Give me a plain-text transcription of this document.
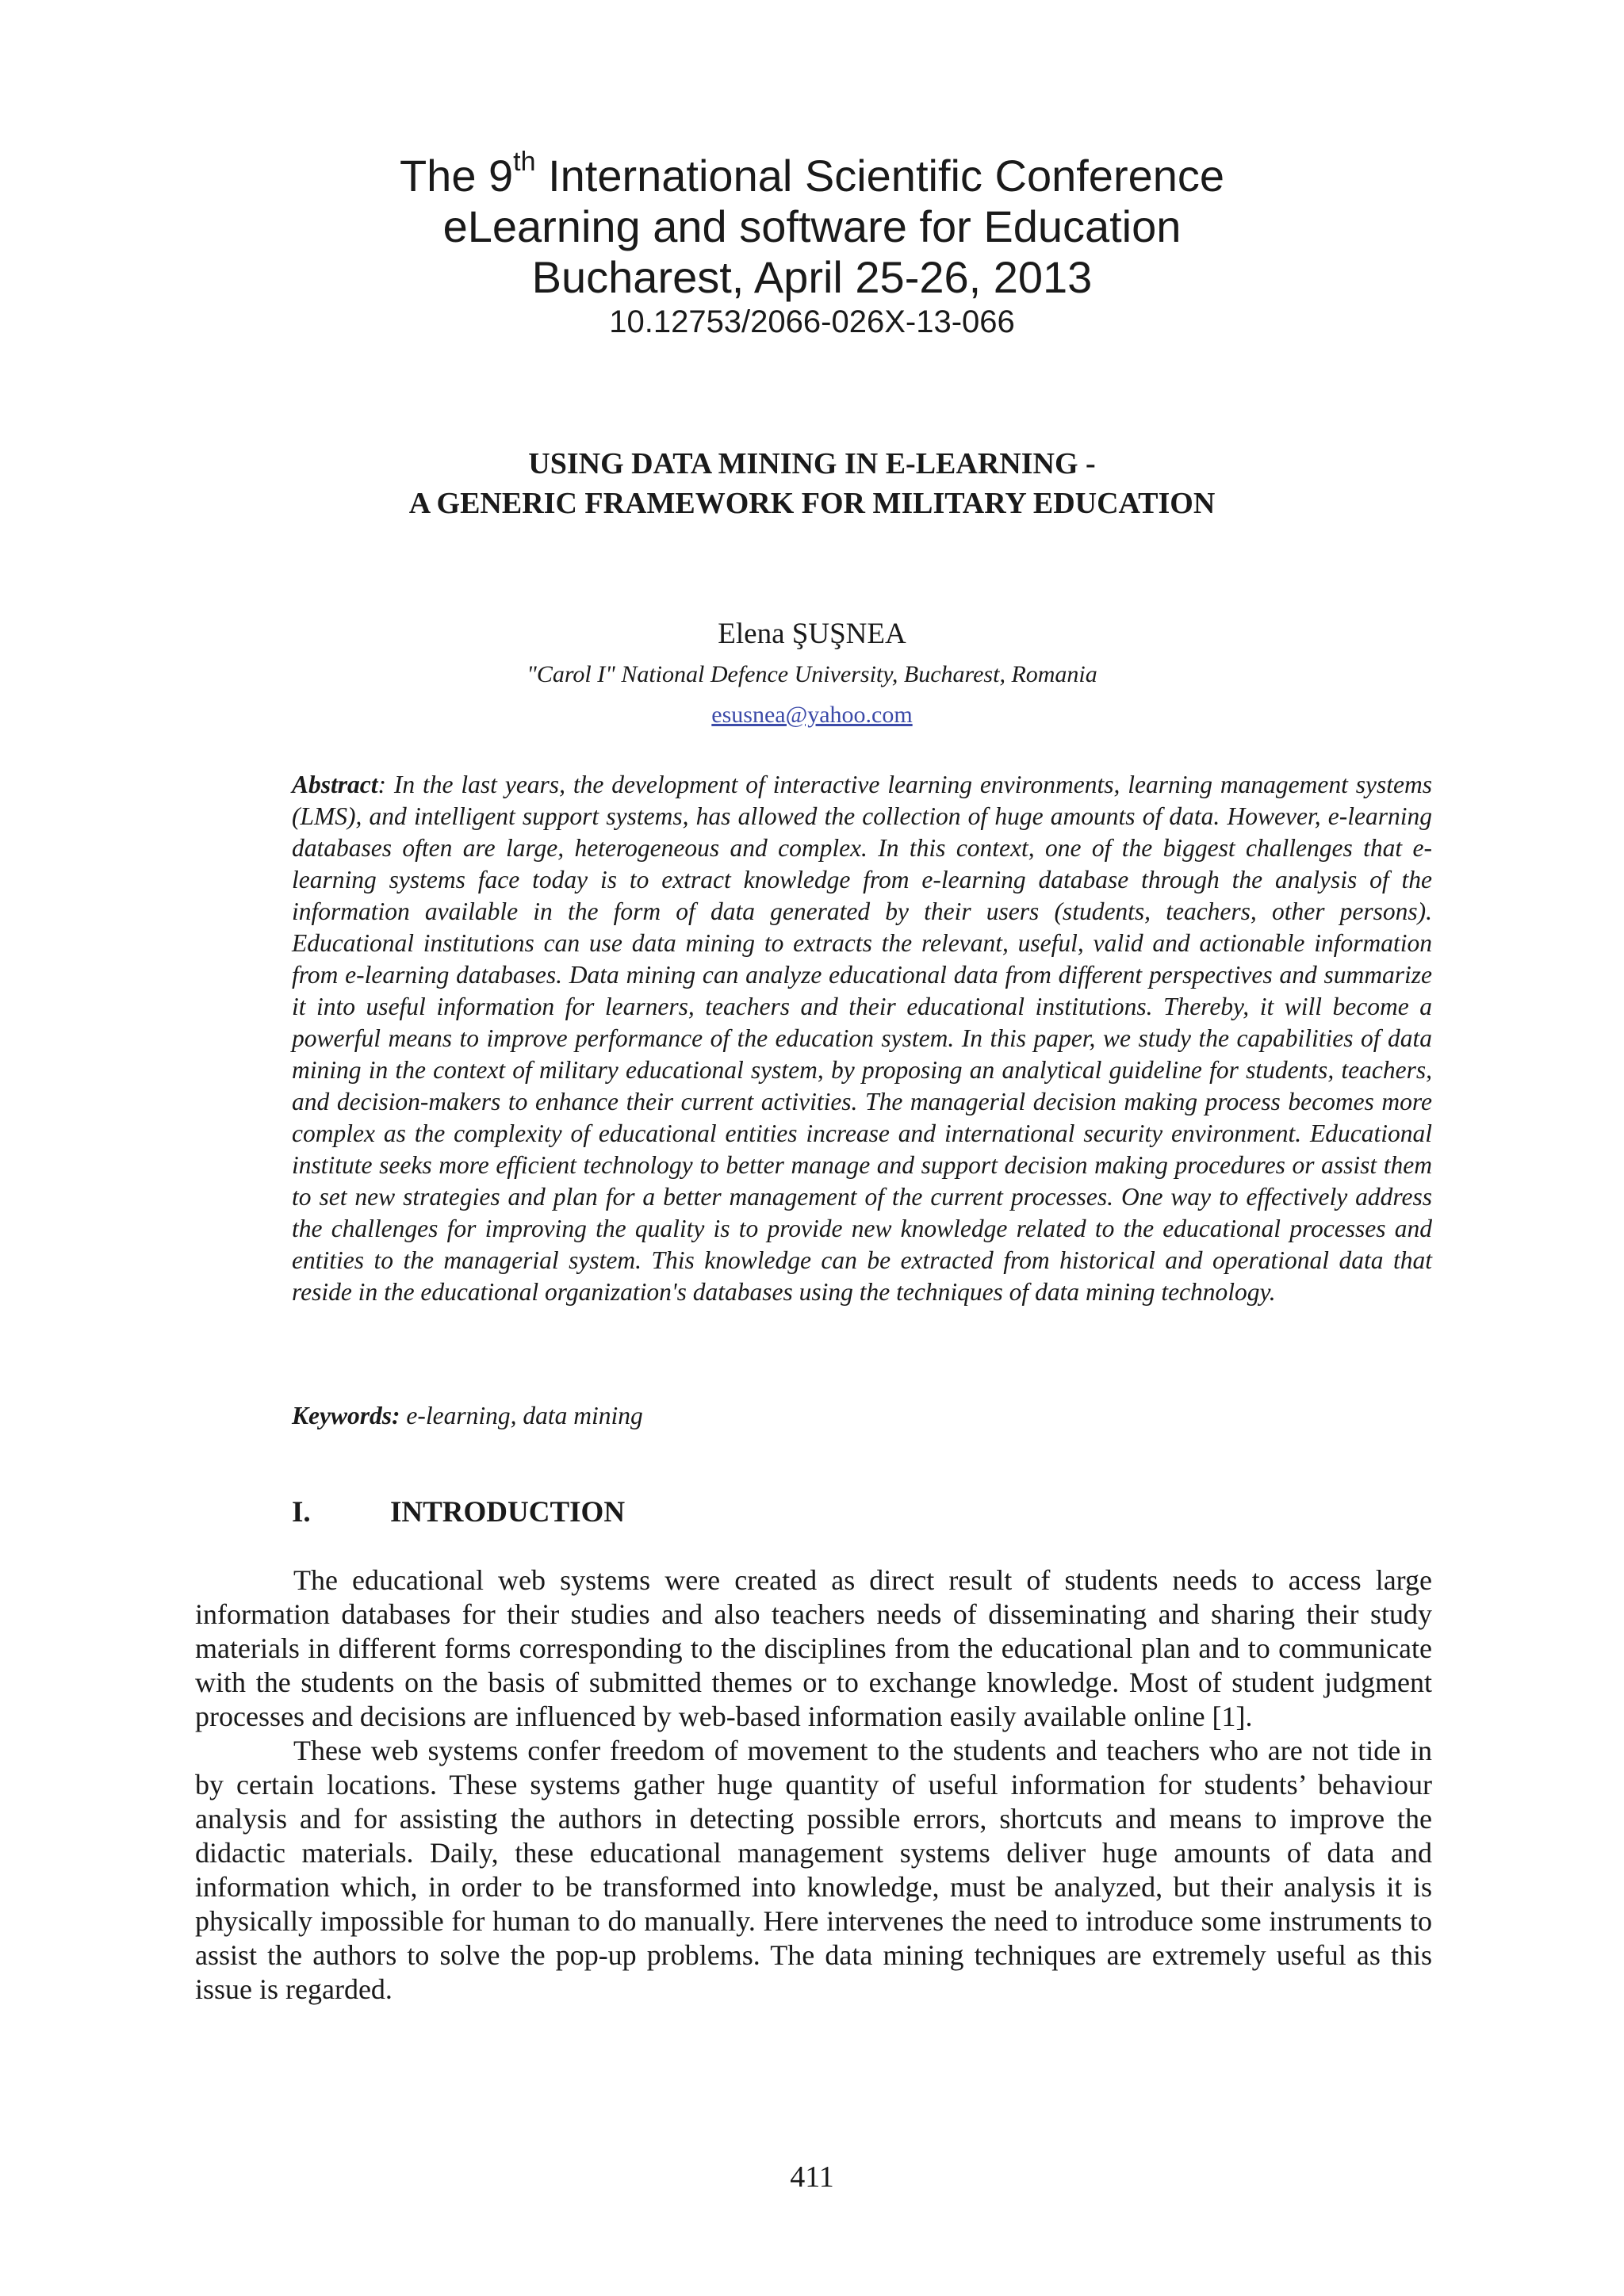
The 9th International Scientific Conference
eLearning and software for Education
Bucharest, April 25-26, 2013
10.12753/2066-026X-13-066
USING DATA MINING IN E-LEARNING -
A GENERIC FRAMEWORK FOR MILITARY EDUCATION
Elena ŞUŞNEA
"Carol I" National Defence University, Bucharest, Romania
esusnea@yahoo.com

Abstract: In the last years, the development of interactive learning environments, learning management systems (LMS), and intelligent support systems, has allowed the collection of huge amounts of data. However, e-learning databases often are large, heterogeneous and complex. In this context, one of the biggest challenges that e-learning systems face today is to extract knowledge from e-learning database through the analysis of the information available in the form of data generated by their users (students, teachers, other persons). Educational institutions can use data mining to extracts the relevant, useful, valid and actionable information from e-learning databases. Data mining can analyze educational data from different perspectives and summarize it into useful information for learners, teachers and their educational institutions. Thereby, it will become a powerful means to improve performance of the education system. In this paper, we study the capabilities of data mining in the context of military educational system, by proposing an analytical guideline for students, teachers, and decision-makers to enhance their current activities. The managerial decision making process becomes more complex as the complexity of educational entities increase and international security environment. Educational institute seeks more efficient technology to better manage and support decision making procedures or assist them to set new strategies and plan for a better management of the current processes. One way to effectively address the challenges for improving the quality is to provide new knowledge related to the educational processes and entities to the managerial system. This knowledge can be extracted from historical and operational data that reside in the educational organization's databases using the techniques of data mining technology.

Keywords: e-learning, data mining

I.	INTRODUCTION

The educational web systems were created as direct result of students needs to access large information databases for their studies and also teachers needs of disseminating and sharing their study materials in different forms corresponding to the disciplines from the educational plan and to communicate with the students on the basis of submitted themes or to exchange knowledge. Most of student judgment processes and decisions are influenced by web-based information easily available online [1].

These web systems confer freedom of movement to the students and teachers who are not tide in by certain locations. These systems gather huge quantity of useful information for students’ behaviour analysis and for assisting the authors in detecting possible errors, shortcuts and means to improve the didactic materials. Daily, these educational management systems deliver huge amounts of data and information which, in order to be transformed into knowledge, must be analyzed, but their analysis it is physically impossible for human to do manually. Here intervenes the need to introduce some instruments to assist the authors to solve the pop-up problems. The data mining techniques are extremely useful as this issue is regarded.

411
